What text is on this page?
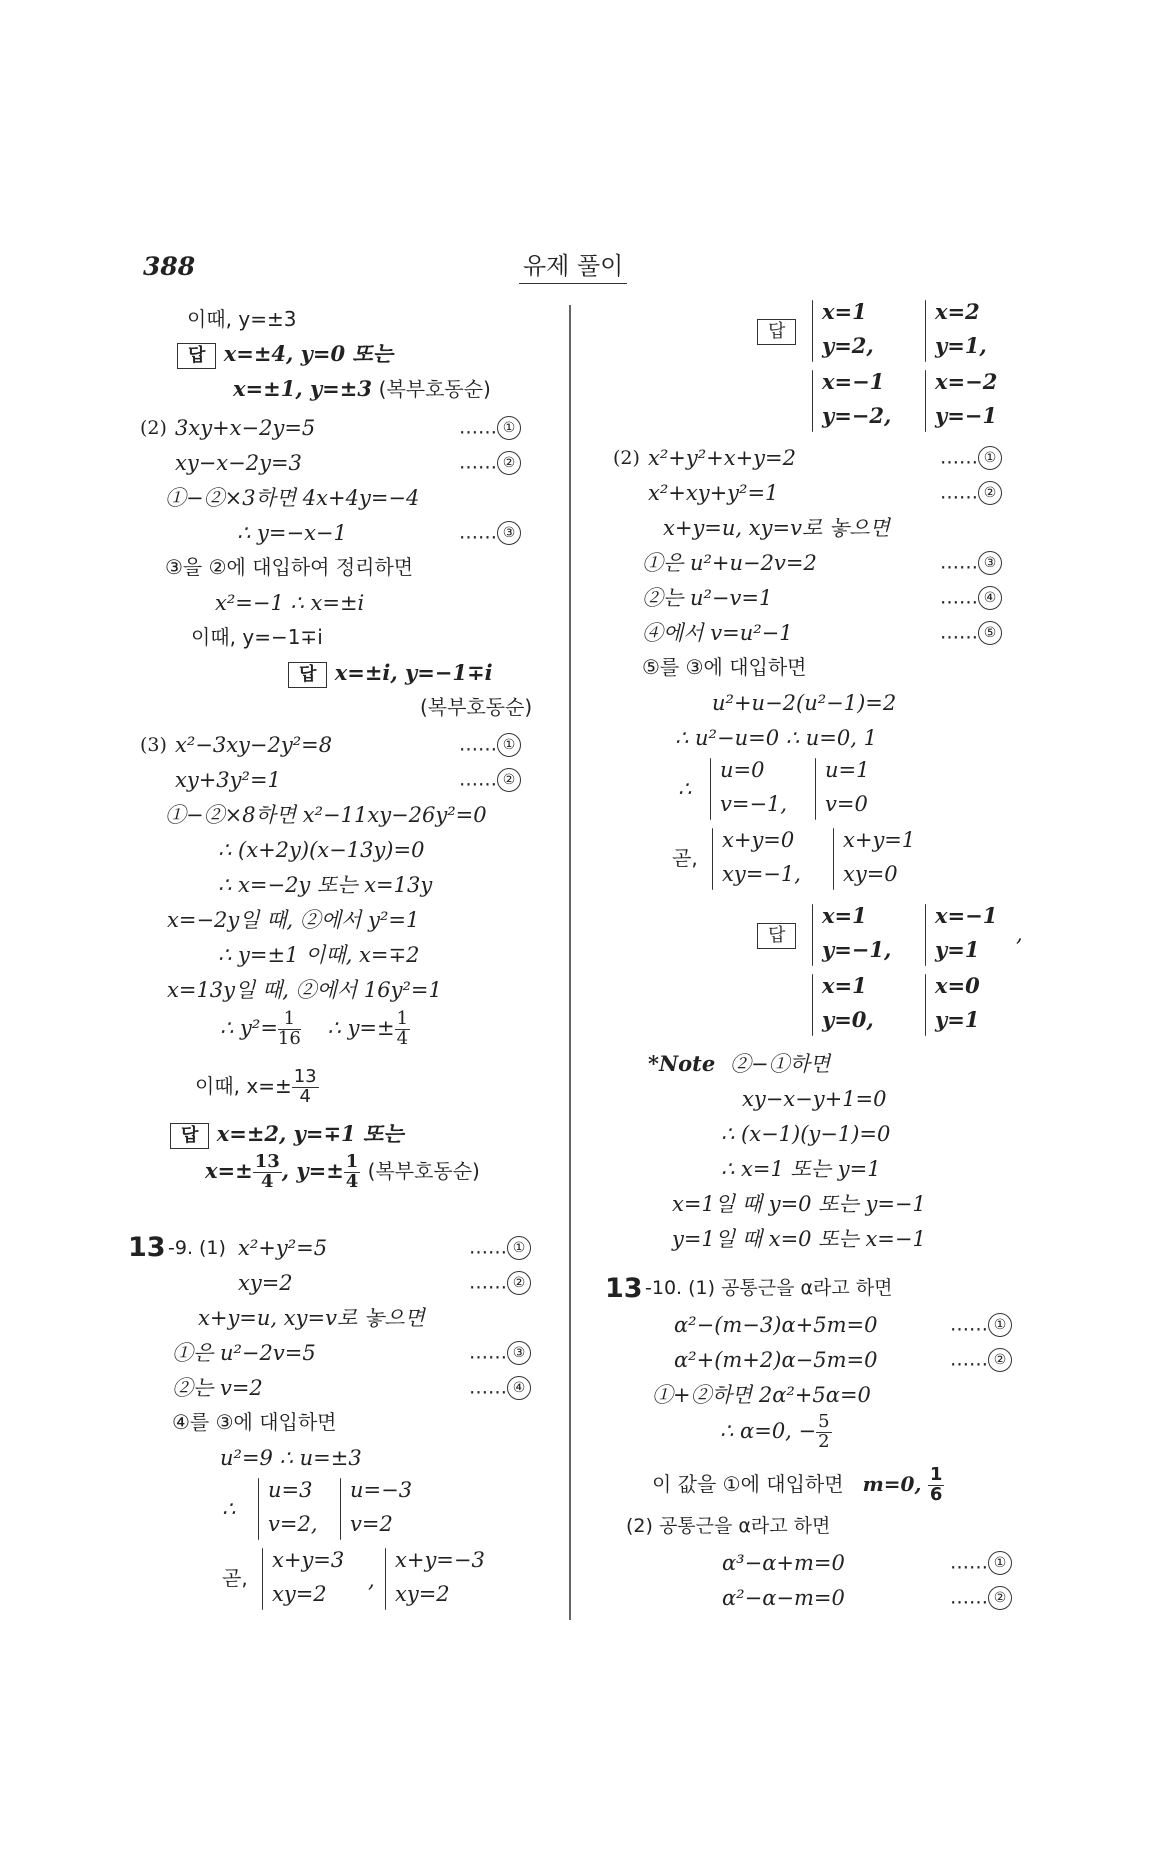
388	유제 풀이
이때, y=±3
답 x=±4, y=0 또는
x=±1, y=±3 (복부호동순)
(2) 3xy+x−2y=5	…… ①
xy−x−2y=3	…… ②
①−②×3하면 4x+4y=−4
∴ y=−x−1	…… ③
③을 ②에 대입하여 정리하면
x²=−1 ∴ x=±i
이때, y=−1∓i
답 x=±i, y=−1∓i
(복부호동순)
(3) x²−3xy−2y²=8	…… ①
xy+3y²=1	…… ②
①−②×8하면 x²−11xy−26y²=0
∴ (x+2y)(x−13y)=0
∴ x=−2y 또는 x=13y
x=−2y일 때, ②에서 y²=1
∴ y=±1 이때, x=∓2
x=13y일 때, ②에서 16y²=1
∴ $y^2= \frac{1}{16}$ ∴ $y=\pm \frac{1}{4}$
이때, $x=\pm \frac{13}{4}$
답 x=±2, y=∓1 또는
$x=\pm \frac{13}{4}$ , $y=\pm \frac{1}{4}$ (복부호동순)
13 -9. (1) x²+y²=5	…… ①
xy=2	…… ②
x+y=u, xy=v로 놓으면
①은 u²−2v=5	…… ③
②는 v=2	…… ④
④를 ③에 대입하면
u²=9 ∴ u=±3
∴
u=3
v=2,
u=−3
v=2
곧,
x+y=3
xy=2
,
x+y=−3
xy=2
답
x=1
y=2,
x=2
y=1,
x=−1
y=−2,
x=−2
y=−1
(2) x²+y²+x+y=2	…… ①
x²+xy+y²=1	…… ②
x+y=u, xy=v로 놓으면
①은 u²+u−2v=2	…… ③
②는 u²−v=1	…… ④
④에서 v=u²−1	…… ⑤
⑤를 ③에 대입하면
u²+u−2(u²−1)=2
∴ u²−u=0 ∴ u=0, 1
∴
u=0
v=−1,
u=1
v=0
곧,
x+y=0
xy=−1,
x+y=1
xy=0
답
x=1
y=−1,
x=−1
y=1
,
x=1
y=0,
x=0
y=1
*Note ②−①하면
xy−x−y+1=0
∴ (x−1)(y−1)=0
∴ x=1 또는 y=1
x=1일 때 y=0 또는 y=−1
y=1일 때 x=0 또는 x=−1
13 -10. (1) 공통근을 α라고 하면
α²−(m−3)α+5m=0	…… ①
α²+(m+2)α−5m=0	…… ②
①+②하면 2α²+5α=0
∴ α=0, − $\frac{5}{2}$
이 값을 ①에 대입하면 m=0, $\frac{1}{6}$
(2) 공통근을 α라고 하면
α³−α+m=0	…… ①
α²−α−m=0	…… ②
